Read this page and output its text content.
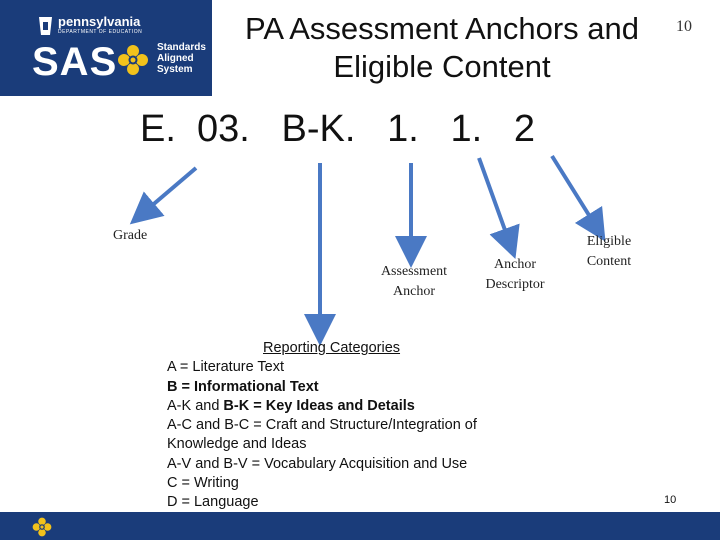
pennsylvania
DEPARTMENT OF EDUCATION
SAS	Standards
Aligned
System
PA Assessment Anchors and
Eligible Content
10
E.  03.   B-K.   1.   1.   2
Grade
Assessment
Anchor
Anchor
Descriptor
Eligible
Content
Reporting Categories
A = Literature Text
B = Informational Text
A-K and B-K = Key Ideas and Details
A-C and B-C = Craft and Structure/Integration of
Knowledge and Ideas
A-V and B-V = Vocabulary Acquisition and Use
C = Writing
D = Language	10
